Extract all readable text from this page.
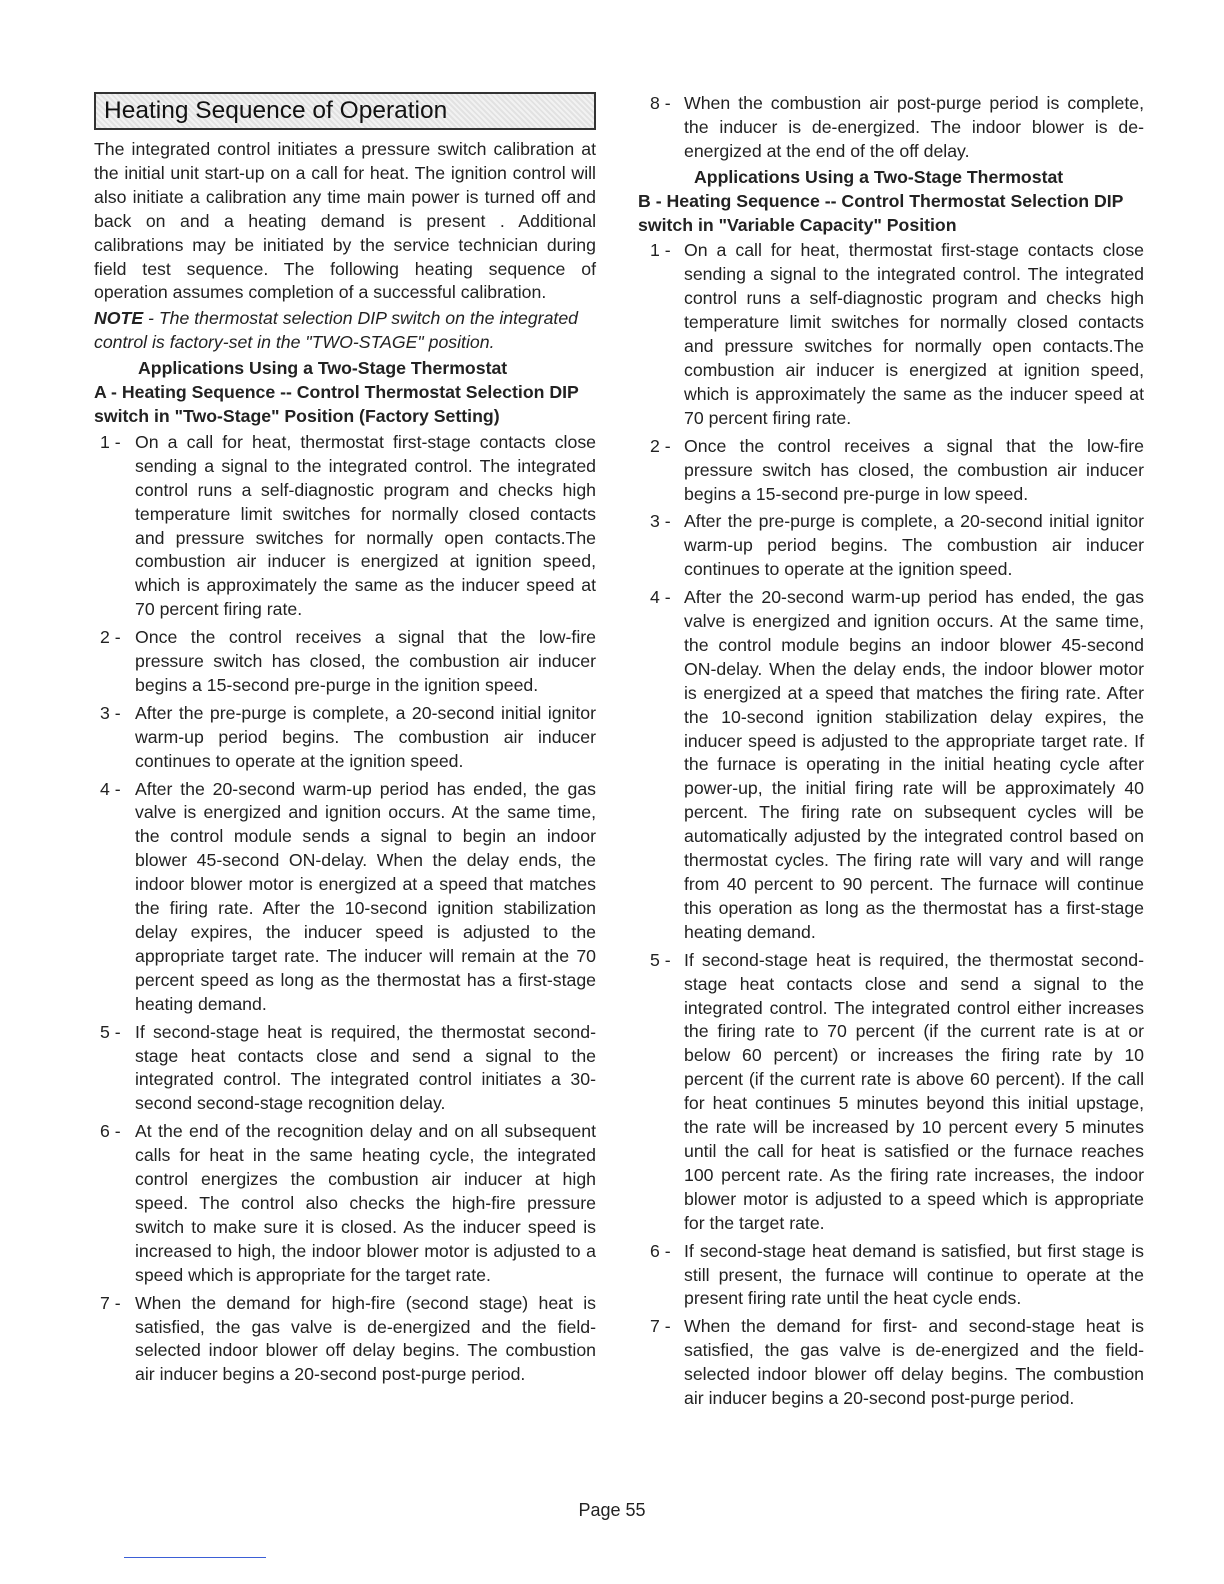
Heating Sequence of Operation

The integrated control initiates a pressure switch calibration at the initial unit start-up on a call for heat. The ignition control will also initiate a calibration any time main power is turned off and back on and a heating demand is present . Additional calibrations may be initiated by the service technician during field test sequence. The following heating sequence of operation assumes completion of a successful calibration.

NOTE - The thermostat selection DIP switch on the integrated control is factory-set in the "TWO-STAGE" position.

Applications Using a Two-Stage Thermostat
A - Heating Sequence -- Control Thermostat Selection DIP switch in "Two-Stage" Position (Factory Setting)
1 - On a call for heat, thermostat first-stage contacts close sending a signal to the integrated control. The integrated control runs a self-diagnostic program and checks high temperature limit switches for normally closed contacts and pressure switches for normally open contacts.The combustion air inducer is energized at ignition speed, which is approximately the same as the inducer speed at 70 percent firing rate.
2 - Once the control receives a signal that the low-fire pressure switch has closed, the combustion air inducer begins a 15-second pre-purge in the ignition speed.
3 - After the pre-purge is complete, a 20-second initial ignitor warm-up period begins. The combustion air inducer continues to operate at the ignition speed.
4 - After the 20-second warm-up period has ended, the gas valve is energized and ignition occurs. At the same time, the control module sends a signal to begin an indoor blower 45-second ON-delay. When the delay ends, the indoor blower motor is energized at a speed that matches the firing rate. After the 10-second ignition stabilization delay expires, the inducer speed is adjusted to the appropriate target rate. The inducer will remain at the 70 percent speed as long as the thermostat has a first-stage heating demand.
5 - If second-stage heat is required, the thermostat second-stage heat contacts close and send a signal to the integrated control. The integrated control initiates a 30-second second-stage recognition delay.
6 - At the end of the recognition delay and on all subsequent calls for heat in the same heating cycle, the integrated control energizes the combustion air inducer at high speed. The control also checks the high-fire pressure switch to make sure it is closed. As the inducer speed is increased to high, the indoor blower motor is adjusted to a speed which is appropriate for the target rate.
7 - When the demand for high-fire (second stage) heat is satisfied, the gas valve is de-energized and the field-selected indoor blower off delay begins. The combustion air inducer begins a 20-second post-purge period.
8 - When the combustion air post-purge period is complete, the inducer is de-energized. The indoor blower is de-energized at the end of the off delay.
Applications Using a Two-Stage Thermostat
B - Heating Sequence -- Control Thermostat Selection DIP switch in "Variable Capacity" Position
1 - On a call for heat, thermostat first-stage contacts close sending a signal to the integrated control. The integrated control runs a self-diagnostic program and checks high temperature limit switches for normally closed contacts and pressure switches for normally open contacts.The combustion air inducer is energized at ignition speed, which is approximately the same as the inducer speed at 70 percent firing rate.
2 - Once the control receives a signal that the low-fire pressure switch has closed, the combustion air inducer begins a 15-second pre-purge in low speed.
3 - After the pre-purge is complete, a 20-second initial ignitor warm-up period begins. The combustion air inducer continues to operate at the ignition speed.
4 - After the 20-second warm-up period has ended, the gas valve is energized and ignition occurs. At the same time, the control module begins an indoor blower 45-second ON-delay. When the delay ends, the indoor blower motor is energized at a speed that matches the firing rate. After the 10-second ignition stabilization delay expires, the inducer speed is adjusted to the appropriate target rate. If the furnace is operating in the initial heating cycle after power-up, the initial firing rate will be approximately 40 percent. The firing rate on subsequent cycles will be automatically adjusted by the integrated control based on thermostat cycles. The firing rate will vary and will range from 40 percent to 90 percent. The furnace will continue this operation as long as the thermostat has a first-stage heating demand.
5 - If second-stage heat is required, the thermostat second-stage heat contacts close and send a signal to the integrated control. The integrated control either increases the firing rate to 70 percent (if the current rate is at or below 60 percent) or increases the firing rate by 10 percent (if the current rate is above 60 percent). If the call for heat continues 5 minutes beyond this initial upstage, the rate will be increased by 10 percent every 5 minutes until the call for heat is satisfied or the furnace reaches 100 percent rate. As the firing rate increases, the indoor blower motor is adjusted to a speed which is appropriate for the target rate.
6 - If second-stage heat demand is satisfied, but first stage is still present, the furnace will continue to operate at the present firing rate until the heat cycle ends.
7 - When the demand for first- and second-stage heat is satisfied, the gas valve is de-energized and the field-selected indoor blower off delay begins. The combustion air inducer begins a 20-second post-purge period.
Page 55
